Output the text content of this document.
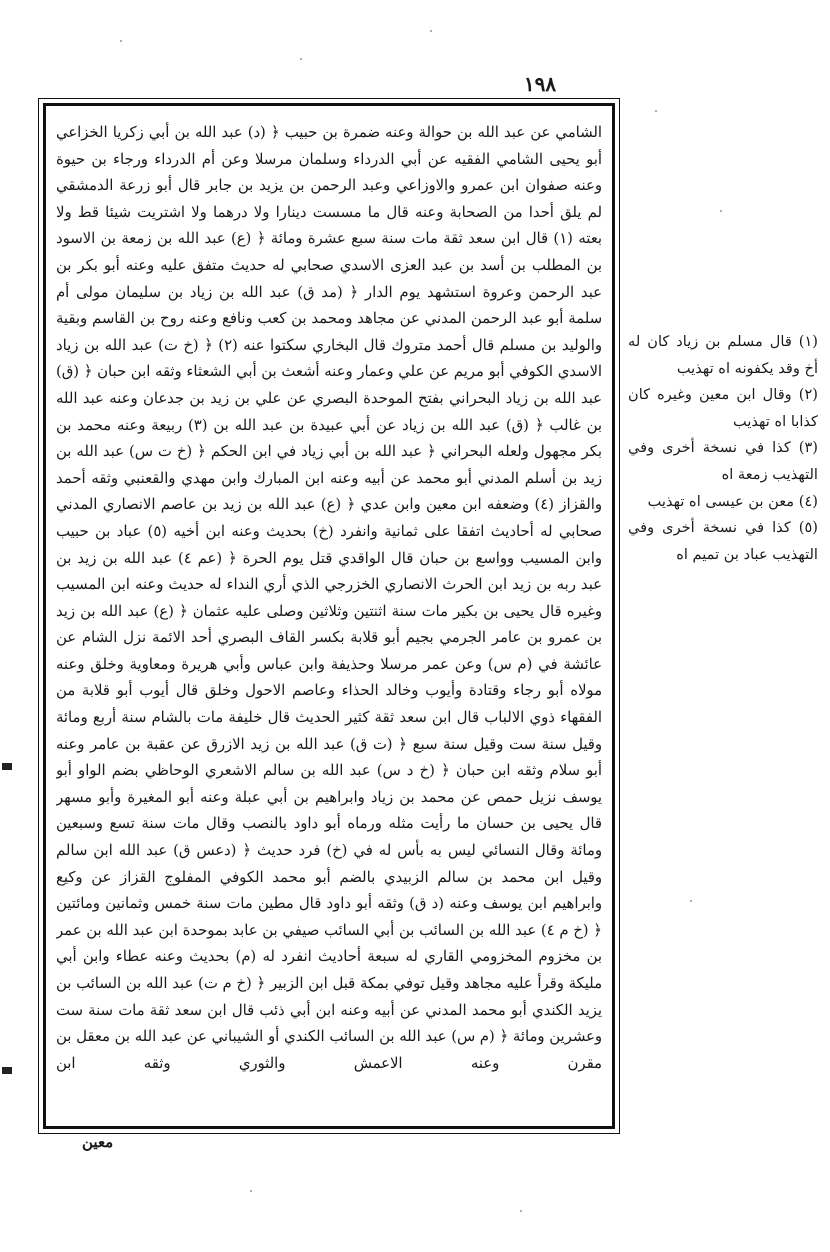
١٩٨

الشامي عن عبد الله بن حوالة وعنه ضمرة بن حبيب ﴿ (د) عبد الله بن أبي زكريا الخزاعي أبو يحيى الشامي الفقيه عن أبي الدرداء وسلمان مرسلا وعن أم الدرداء ورجاء بن حيوة وعنه صفوان ابن عمرو والاوزاعي وعبد الرحمن بن يزيد بن جابر قال أبو زرعة الدمشقي لم يلق أحدا من الصحابة وعنه قال ما مسست دينارا ولا درهما ولا اشتريت شيئا قط ولا بعته (١) قال ابن سعد ثقة مات سنة سبع عشرة ومائة ﴿ (ع) عبد الله بن زمعة بن الاسود بن المطلب بن أسد بن عبد العزى الاسدي صحابي له حديث متفق عليه وعنه أبو بكر بن عبد الرحمن وعروة استشهد يوم الدار ﴿ (مد ق) عبد الله بن زياد بن سليمان مولى أم سلمة أبو عبد الرحمن المدني عن مجاهد ومحمد بن كعب ونافع وعنه روح بن القاسم وبقية والوليد بن مسلم قال أحمد متروك قال البخاري سكتوا عنه (٢) ﴿ (خ ت) عبد الله بن زياد الاسدي الكوفي أبو مريم عن علي وعمار وعنه أشعث بن أبي الشعثاء وثقه ابن حبان ﴿ (ق) عبد الله بن زياد البحراني بفتح الموحدة البصري عن علي بن زيد بن جدعان وعنه عبد الله بن غالب ﴿ (ق) عبد الله بن زياد عن أبي عبيدة بن عبد الله بن (٣) ربيعة وعنه محمد بن بكر مجهول ولعله البحراني ﴿ عبد الله بن أبي زياد في ابن الحكم ﴿ (خ ت س) عبد الله بن زيد بن أسلم المدني أبو محمد عن أبيه وعنه ابن المبارك وابن مهدي والقعنبي وثقه أحمد والقزاز (٤) وضعفه ابن معين وابن عدي ﴿ (ع) عبد الله بن زيد بن عاصم الانصاري المدني صحابي له أحاديث اتفقا على ثمانية وانفرد (خ) بحديث وعنه ابن أخيه (٥) عباد بن حبيب وابن المسيب وواسع بن حبان قال الواقدي قتل يوم الحرة ﴿ (عم ٤) عبد الله بن زيد بن عبد ربه بن زيد ابن الحرث الانصاري الخزرجي الذي أري النداء له حديث وعنه ابن المسيب وغيره قال يحيى بن بكير مات سنة اثنتين وثلاثين وصلى عليه عثمان ﴿ (ع) عبد الله بن زيد بن عمرو بن عامر الجرمي بجيم أبو قلابة بكسر القاف البصري أحد الائمة نزل الشام عن عائشة في (م س) وعن عمر مرسلا وحذيفة وابن عباس وأبي هريرة ومعاوية وخلق وعنه مولاه أبو رجاء وقتادة وأيوب وخالد الحذاء وعاصم الاحول وخلق قال أيوب أبو قلابة من الفقهاء ذوي الالباب قال ابن سعد ثقة كثير الحديث قال خليفة مات بالشام سنة أربع ومائة وقيل سنة ست وقيل سنة سبع ﴿ (ت ق) عبد الله بن زيد الازرق عن عقبة بن عامر وعنه أبو سلام وثقه ابن حبان ﴿ (خ د س) عبد الله بن سالم الاشعري الوحاظي بضم الواو أبو يوسف نزيل حمص عن محمد بن زياد وابراهيم بن أبي عبلة وعنه أبو المغيرة وأبو مسهر قال يحيى بن حسان ما رأيت مثله ورماه أبو داود بالنصب وقال مات سنة تسع وسبعين ومائة وقال النسائي ليس به بأس له في (خ) فرد حديث ﴿ (دعس ق) عبد الله ابن سالم وقيل ابن محمد بن سالم الزبيدي بالضم أبو محمد الكوفي المفلوج القزاز عن وكيع وابراهيم ابن يوسف وعنه (د ق) وثقه أبو داود قال مطين مات سنة خمس وثمانين ومائتين ﴿ (خ م ٤) عبد الله بن السائب بن أبي السائب صيفي بن عابد بموحدة ابن عبد الله بن عمر بن مخزوم المخزومي القاري له سبعة أحاديث انفرد له (م) بحديث وعنه عطاء وابن أبي مليكة وقرأ عليه مجاهد وقيل توفي بمكة قبل ابن الزبير ﴿ (خ م ت) عبد الله بن السائب بن يزيد الكندي أبو محمد المدني عن أبيه وعنه ابن أبي ذئب قال ابن سعد ثقة مات سنة ست وعشرين ومائة ﴿ (م س) عبد الله بن السائب الكندي أو الشيباني عن عبد الله بن معقل بن مقرن وعنه الاعمش والثوري وثقه ابن

(١) قال مسلم بن زياد كان له أخ وقد يكفونه اه تهذيب

(٢) وقال ابن معين وغيره كان كذابا اه تهذيب

(٣) كذا في نسخة أخرى وفي التهذيب زمعة اه

(٤) معن بن عيسى اه تهذيب

(٥) كذا في نسخة أخرى وفي التهذيب عباد بن تميم اه

معين
